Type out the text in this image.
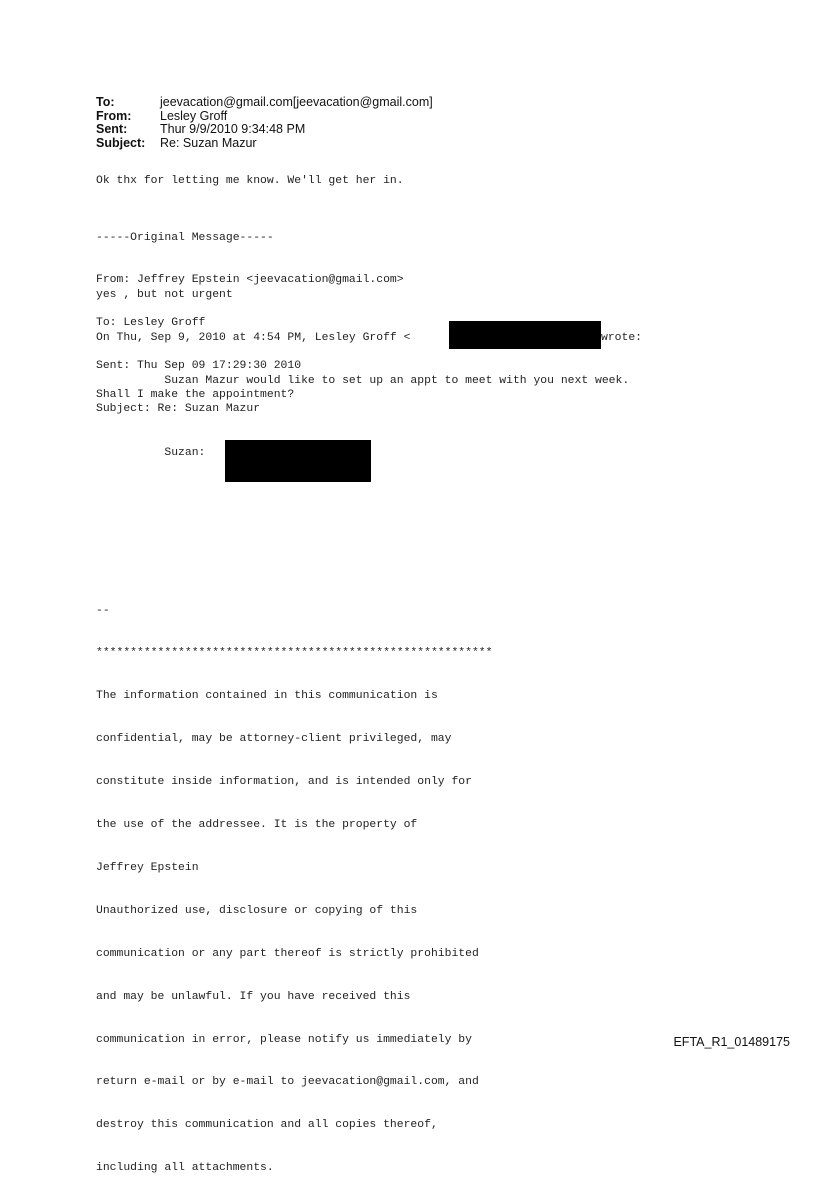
To:	jeevacation@gmail.com[jeevacation@gmail.com]
From:	Lesley Groff
Sent:	Thur 9/9/2010 9:34:48 PM
Subject:	Re: Suzan Mazur
Ok thx for letting me know. We'll get her in.

-----Original Message-----

From: Jeffrey Epstein <jeevacation@gmail.com>

To: Lesley Groff

Sent: Thu Sep 09 17:29:30 2010

Subject: Re: Suzan Mazur

yes , but not urgent
On Thu, Sep 9, 2010 at 4:54 PM, Lesley Groff <	wrote:
Suzan Mazur would like to set up an appt to meet with you next week.
Shall I make the appointment?
Suzan:

--

**********************************************************

The information contained in this communication is

confidential, may be attorney-client privileged, may

constitute inside information, and is intended only for

the use of the addressee. It is the property of

Jeffrey Epstein

Unauthorized use, disclosure or copying of this

communication or any part thereof is strictly prohibited

and may be unlawful. If you have received this

communication in error, please notify us immediately by

return e-mail or by e-mail to jeevacation@gmail.com, and

destroy this communication and all copies thereof,

including all attachments.

EFTA_R1_01489175
